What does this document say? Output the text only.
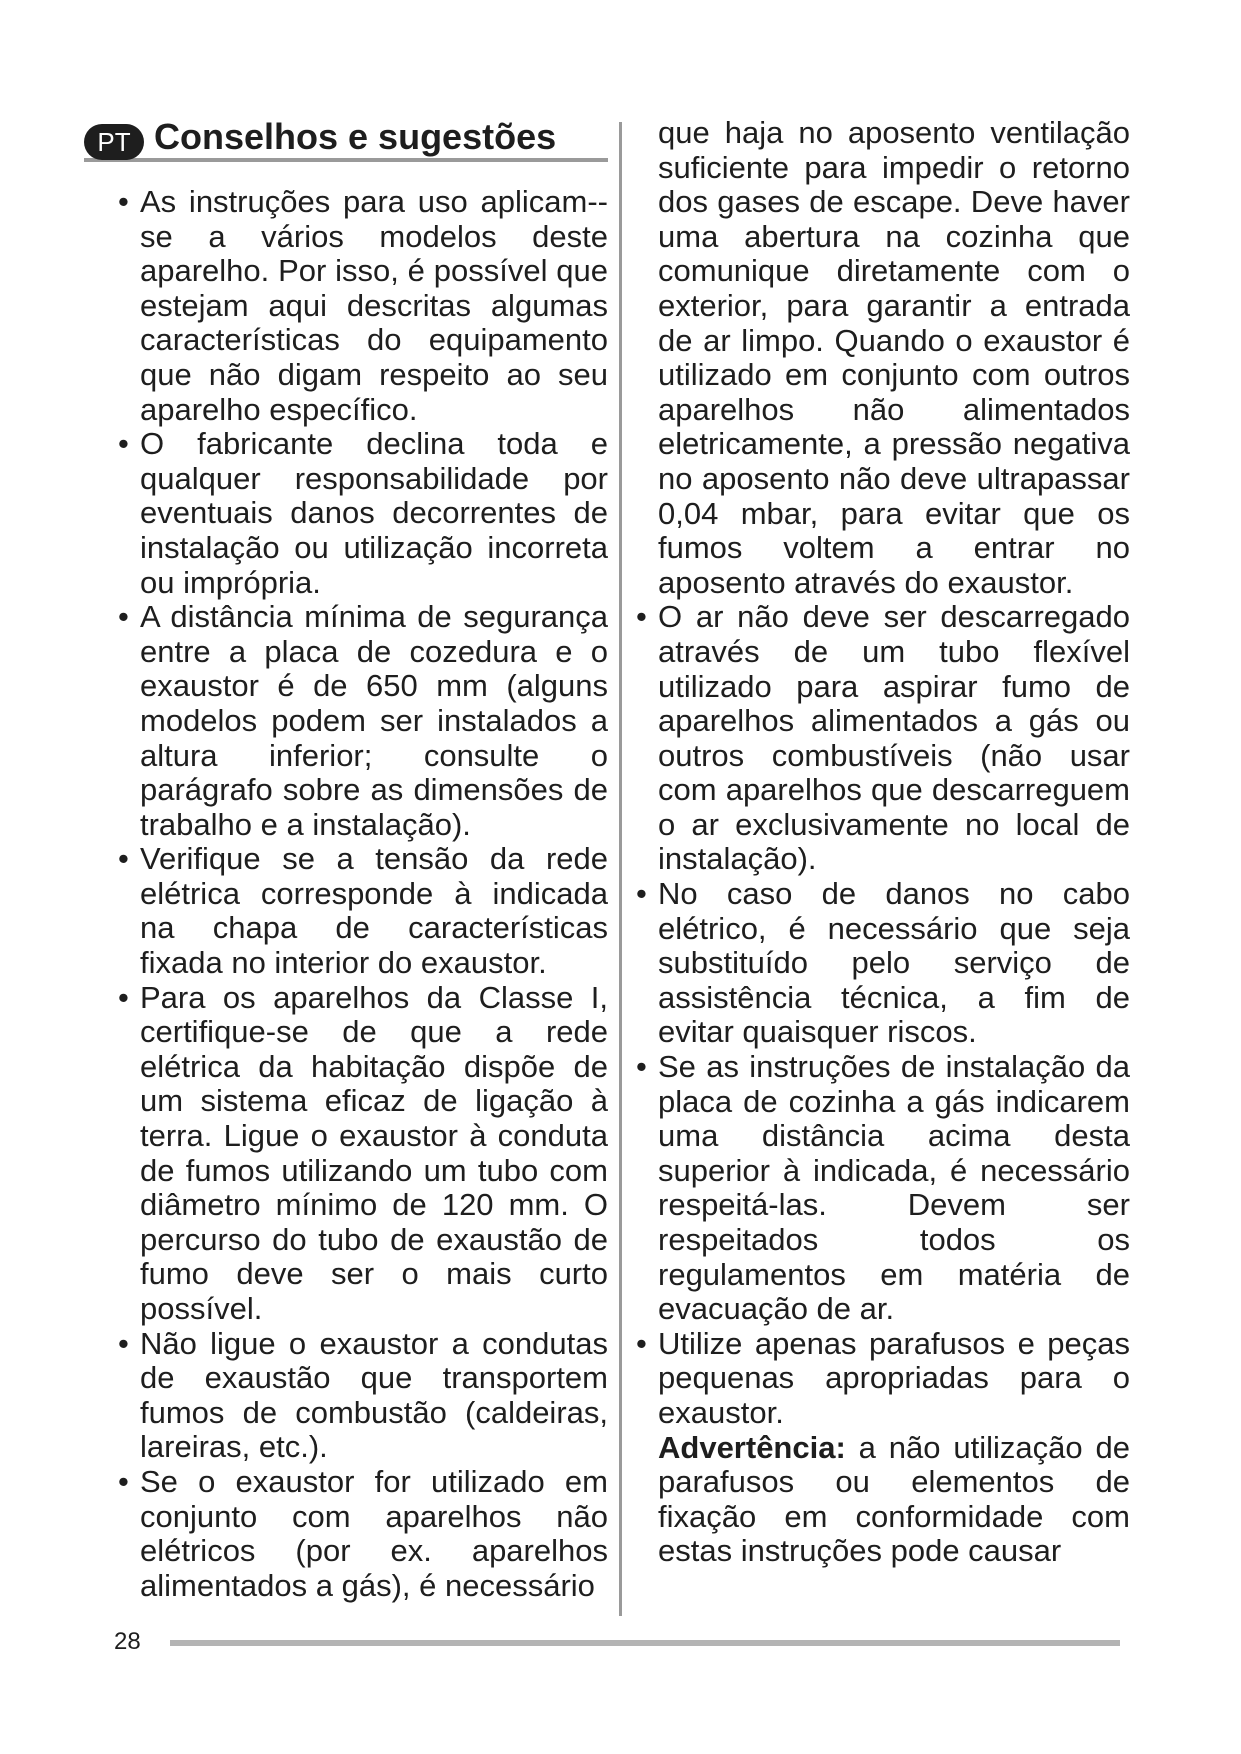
PT Conselhos e sugestões

• As instruções para uso aplicam--se a vários modelos deste aparelho. Por isso, é possível que estejam aqui descritas algumas características do equipamento que não digam respeito ao seu aparelho específico.

• O fabricante declina toda e qualquer responsabilidade por eventuais danos decorrentes de instalação ou utilização incorreta ou imprópria.

• A distância mínima de segurança entre a placa de cozedura e o exaustor é de 650 mm (alguns modelos podem ser instalados a altura inferior; consulte o parágrafo sobre as dimensões de trabalho e a instalação).

• Verifique se a tensão da rede elétrica corresponde à indicada na chapa de características fixada no interior do exaustor.

• Para os aparelhos da Classe I, certifique-se de que a rede elétrica da habitação dispõe de um sistema eficaz de ligação à terra. Ligue o exaustor à conduta de fumos utilizando um tubo com diâmetro mínimo de 120 mm. O percurso do tubo de exaustão de fumo deve ser o mais curto possível.

• Não ligue o exaustor a condutas de exaustão que transportem fumos de combustão (caldeiras, lareiras, etc.).

• Se o exaustor for utilizado em conjunto com aparelhos não elétricos (por ex. aparelhos alimentados a gás), é necessário

que haja no aposento ventilação suficiente para impedir o retorno dos gases de escape. Deve haver uma abertura na cozinha que comunique diretamente com o exterior, para garantir a entrada de ar limpo. Quando o exaustor é utilizado em conjunto com outros aparelhos não alimentados eletricamente, a pressão negativa no aposento não deve ultrapassar 0,04 mbar, para evitar que os fumos voltem a entrar no aposento através do exaustor.

• O ar não deve ser descarregado através de um tubo flexível utilizado para aspirar fumo de aparelhos alimentados a gás ou outros combustíveis (não usar com aparelhos que descarreguem o ar exclusivamente no local de instalação).

• No caso de danos no cabo elétrico, é necessário que seja substituído pelo serviço de assistência técnica, a fim de evitar quaisquer riscos.

• Se as instruções de instalação da placa de cozinha a gás indicarem uma distância acima desta superior à indicada, é necessário respeitá-las. Devem ser respeitados todos os regulamentos em matéria de evacuação de ar.

• Utilize apenas parafusos e peças pequenas apropriadas para o exaustor.

Advertência: a não utilização de parafusos ou elementos de fixação em conformidade com estas instruções pode causar

28
